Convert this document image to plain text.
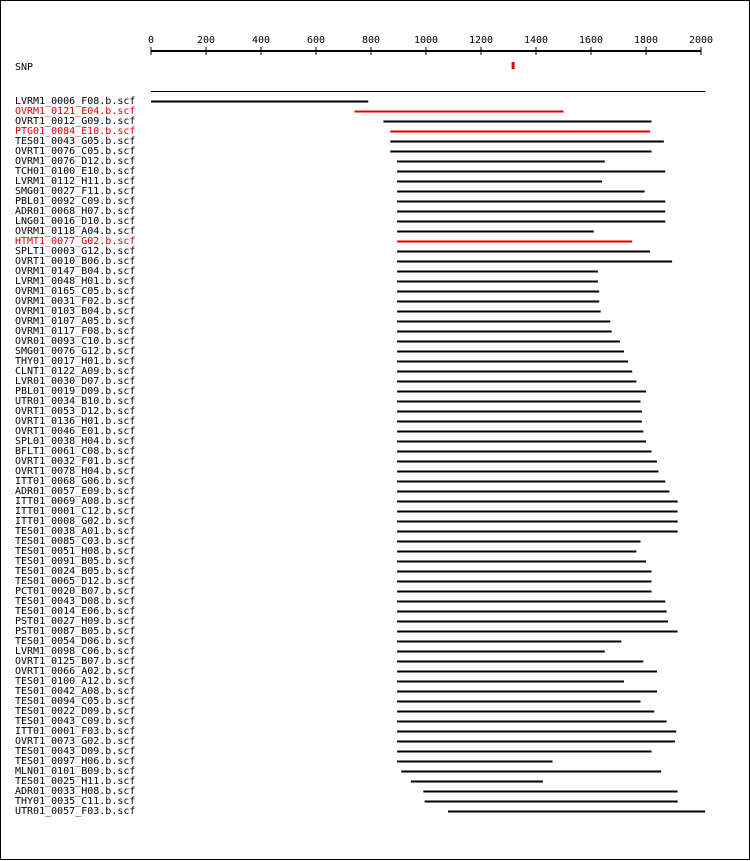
0	200	400	600	800	1000	1200	1400	1600	1800	2000
SNP
LVRM1_0006_F08.b.scf
OVRM1_0121_E04.b.scf
OVRT1_0012_G09.b.scf
PTG01_0084_E10.b.scf
TES01_0043_G05.b.scf
OVRT1_0076_C05.b.scf
OVRM1_0076_D12.b.scf
TCH01_0100_E10.b.scf
LVRM1_0112_H11.b.scf
SMG01_0027_F11.b.scf
PBL01_0092_C09.b.scf
ADR01_0068_H07.b.scf
LNG01_0016_D10.b.scf
OVRM1_0118_A04.b.scf
HTMT1_0077_G02.b.scf
SPLT1_0003_G12.b.scf
OVRT1_0010_B06.b.scf
OVRM1_0147_B04.b.scf
LVRM1_0048_H01.b.scf
OVRM1_0165_C05.b.scf
OVRM1_0031_F02.b.scf
OVRM1_0103_B04.b.scf
OVRM1_0107_A05.b.scf
OVRM1_0117_F08.b.scf
OVR01_0093_C10.b.scf
SMG01_0076_G12.b.scf
THY01_0017_H01.b.scf
CLNT1_0122_A09.b.scf
LVR01_0030_D07.b.scf
PBL01_0019_D09.b.scf
UTR01_0034_B10.b.scf
OVRT1_0053_D12.b.scf
OVRT1_0136_H01.b.scf
OVRT1_0046_E01.b.scf
SPL01_0038_H04.b.scf
BFLT1_0061_C08.b.scf
OVRT1_0032_F01.b.scf
OVRT1_0078_H04.b.scf
ITT01_0068_G06.b.scf
ADR01_0057_E09.b.scf
ITT01_0069_A08.b.scf
ITT01_0001_C12.b.scf
ITT01_0008_G02.b.scf
TES01_0038_A01.b.scf
TES01_0085_C03.b.scf
TES01_0051_H08.b.scf
TES01_0091_B05.b.scf
TES01_0024_B05.b.scf
TES01_0065_D12.b.scf
PCT01_0020_B07.b.scf
TES01_0043_D08.b.scf
TES01_0014_E06.b.scf
PST01_0027_H09.b.scf
PST01_0087_B05.b.scf
TES01_0054_D06.b.scf
LVRM1_0098_C06.b.scf
OVRT1_0125_B07.b.scf
OVRT1_0066_A02.b.scf
TES01_0100_A12.b.scf
TES01_0042_A08.b.scf
TES01_0094_C05.b.scf
TES01_0022_D09.b.scf
TES01_0043_C09.b.scf
ITT01_0001_F03.b.scf
OVRT1_0073_G02.b.scf
TES01_0043_D09.b.scf
TES01_0097_H06.b.scf
MLN01_0101_B09.b.scf
TES01_0025_H11.b.scf
ADR01_0033_H08.b.scf
THY01_0035_C11.b.scf
UTR01_0057_F03.b.scf
